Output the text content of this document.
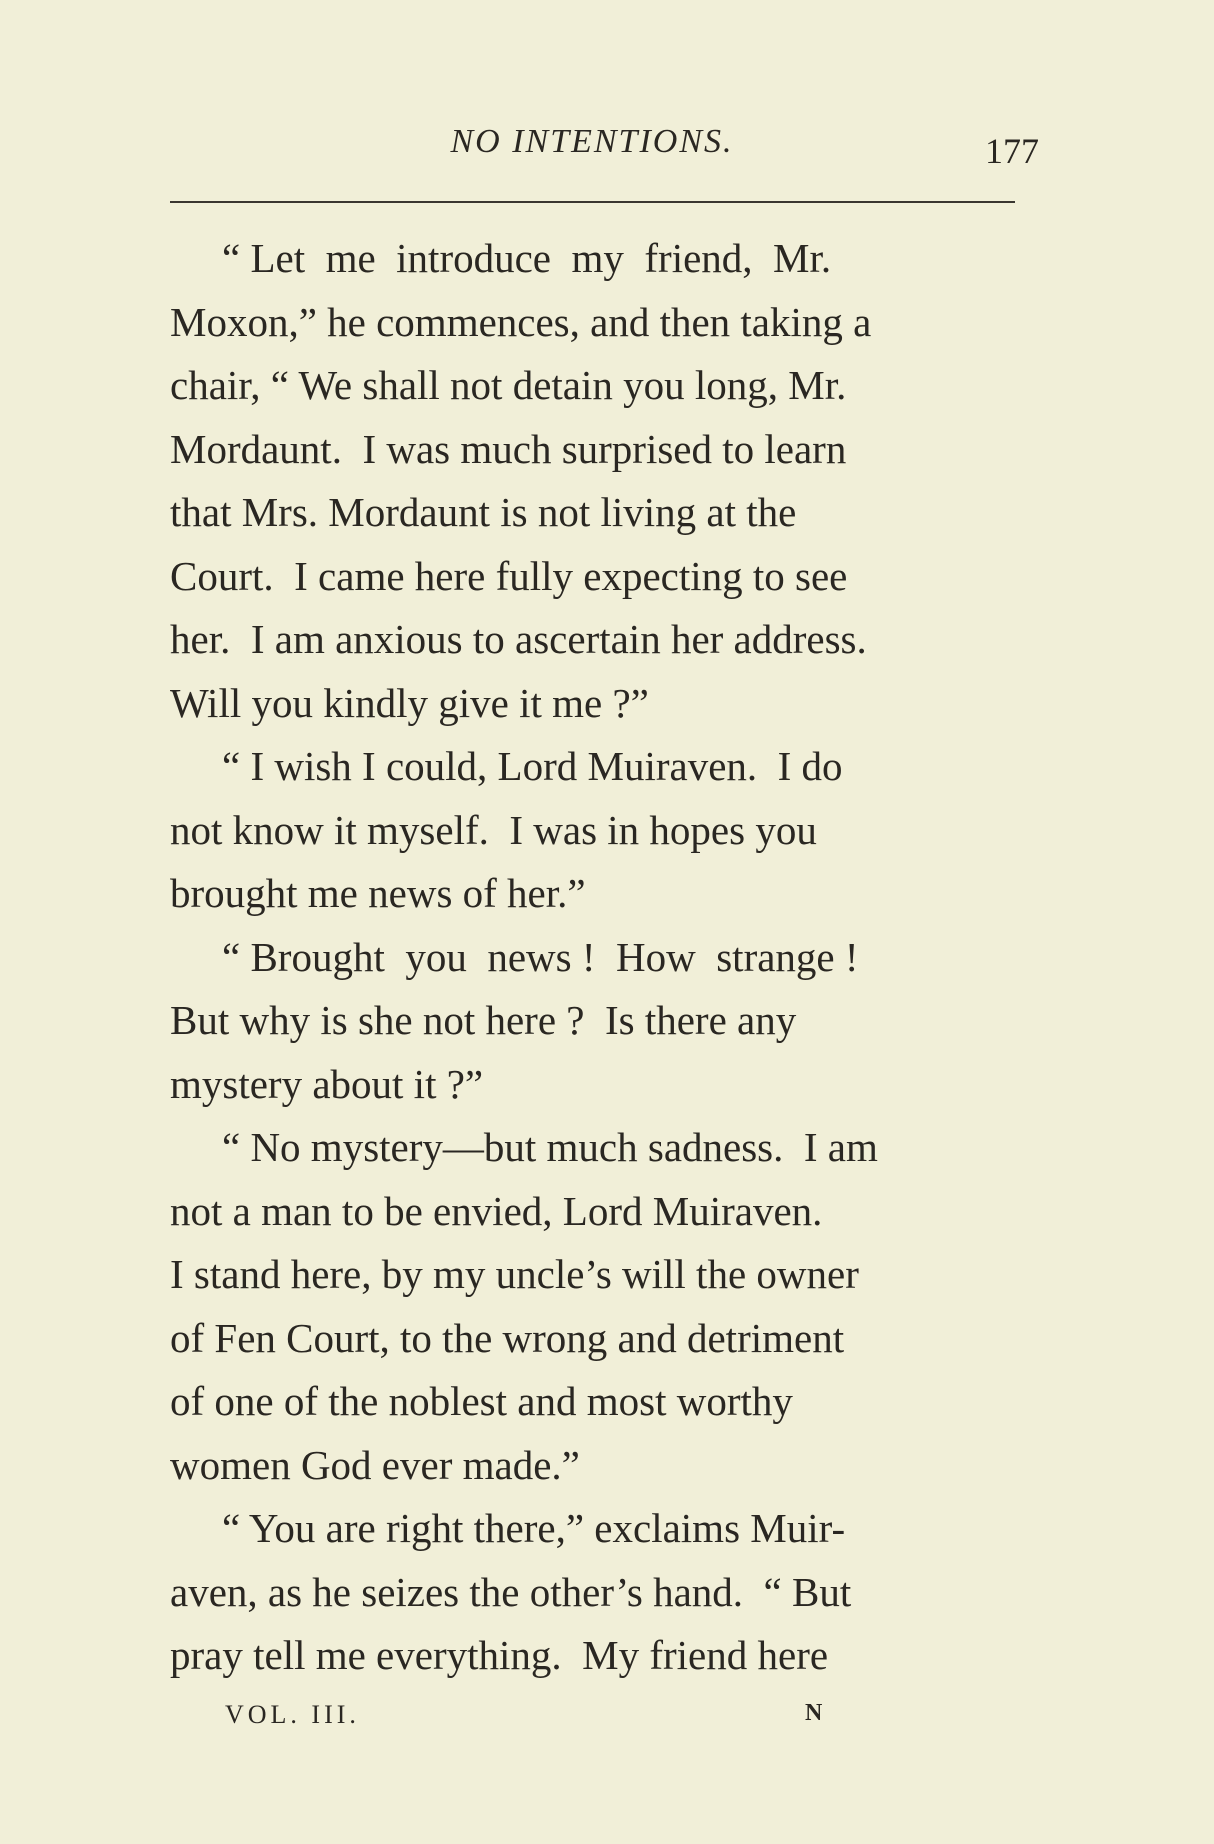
NO INTENTIONS.	177
“ Let  me  introduce  my  friend,  Mr.
Moxon,” he commences, and then taking a
chair, “ We shall not detain you long, Mr.
Mordaunt.  I was much surprised to learn
that Mrs. Mordaunt is not living at the
Court.  I came here fully expecting to see
her.  I am anxious to ascertain her address.
Will you kindly give it me ?”
“ I wish I could, Lord Muiraven.  I do
not know it myself.  I was in hopes you
brought me news of her.”
“ Brought  you  news !  How  strange !
But why is she not here ?  Is there any
mystery about it ?”
“ No mystery—but much sadness.  I am
not a man to be envied, Lord Muiraven.
I stand here, by my uncle’s will the owner
of Fen Court, to the wrong and detriment
of one of the noblest and most worthy
women God ever made.”
“ You are right there,” exclaims Muir-
aven, as he seizes the other’s hand.  “ But
pray tell me everything.  My friend here
VOL. III.	N
